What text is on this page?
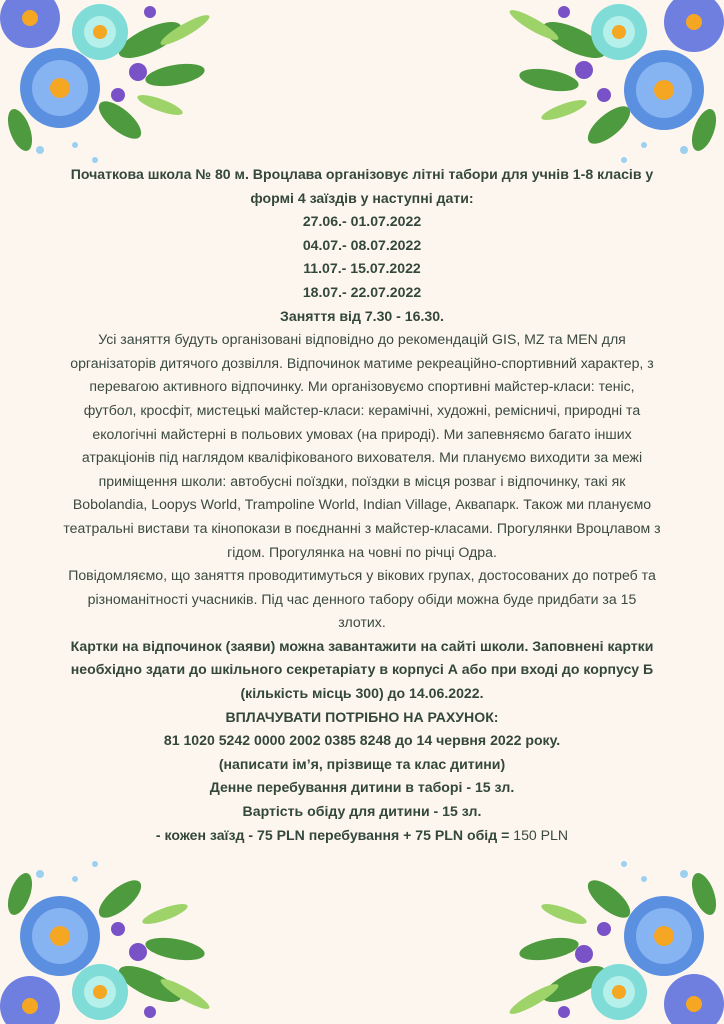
Початкова школа № 80 м. Вроцлава організовує літні табори для учнів 1-8 класів у формі 4 заїздів у наступні дати:

27.06.- 01.07.2022

04.07.- 08.07.2022

11.07.- 15.07.2022

18.07.- 22.07.2022

Заняття від 7.30 - 16.30.

Усі заняття будуть організовані відповідно до рекомендацій GIS, MZ та MEN для організаторів дитячого дозвілля. Відпочинок матиме рекреаційно-спортивний характер, з перевагою активного відпочинку. Ми організовуємо спортивні майстер-класи: теніс, футбол, кросфіт, мистецькі майстер-класи: керамічні, художні, ремісничі, природні та екологічні майстерні в польових умовах (на природі). Ми запевняємо багато інших атракціонів під наглядом кваліфікованого вихователя. Ми плануємо виходити за межі приміщення школи: автобусні поїздки, поїздки в місця розваг і відпочинку, такі як Bobolandia, Loopys World, Trampoline World, Indian Village, Аквапарк. Також ми плануємо театральні вистави та кінопокази в поєднанні з майстер-класами. Прогулянки Вроцлавом з гідом. Прогулянка на човні по річці Одра.

Повідомляємо, що заняття проводитимуться у вікових групах, достосованих до потреб та різноманітності учасників. Під час денного табору обіди можна буде придбати за 15 злотих.

Картки на відпочинок (заяви) можна завантажити на сайті школи. Заповнені картки необхідно здати до шкільного секретаріату в корпусі А або при вході до корпусу Б (кількість місць 300) до 14.06.2022.

ВПЛАЧУВАТИ ПОТРІБНО НА РАХУНОК:

81 1020 5242 0000 2002 0385 8248 до 14 червня 2022 року.

(написати ім’я, прізвище та клас дитини)

Денне перебування дитини в таборі - 15 зл.

Вартість обіду для дитини - 15 зл.

- кожен заїзд - 75 PLN перебування + 75 PLN обід = 150 PLN
